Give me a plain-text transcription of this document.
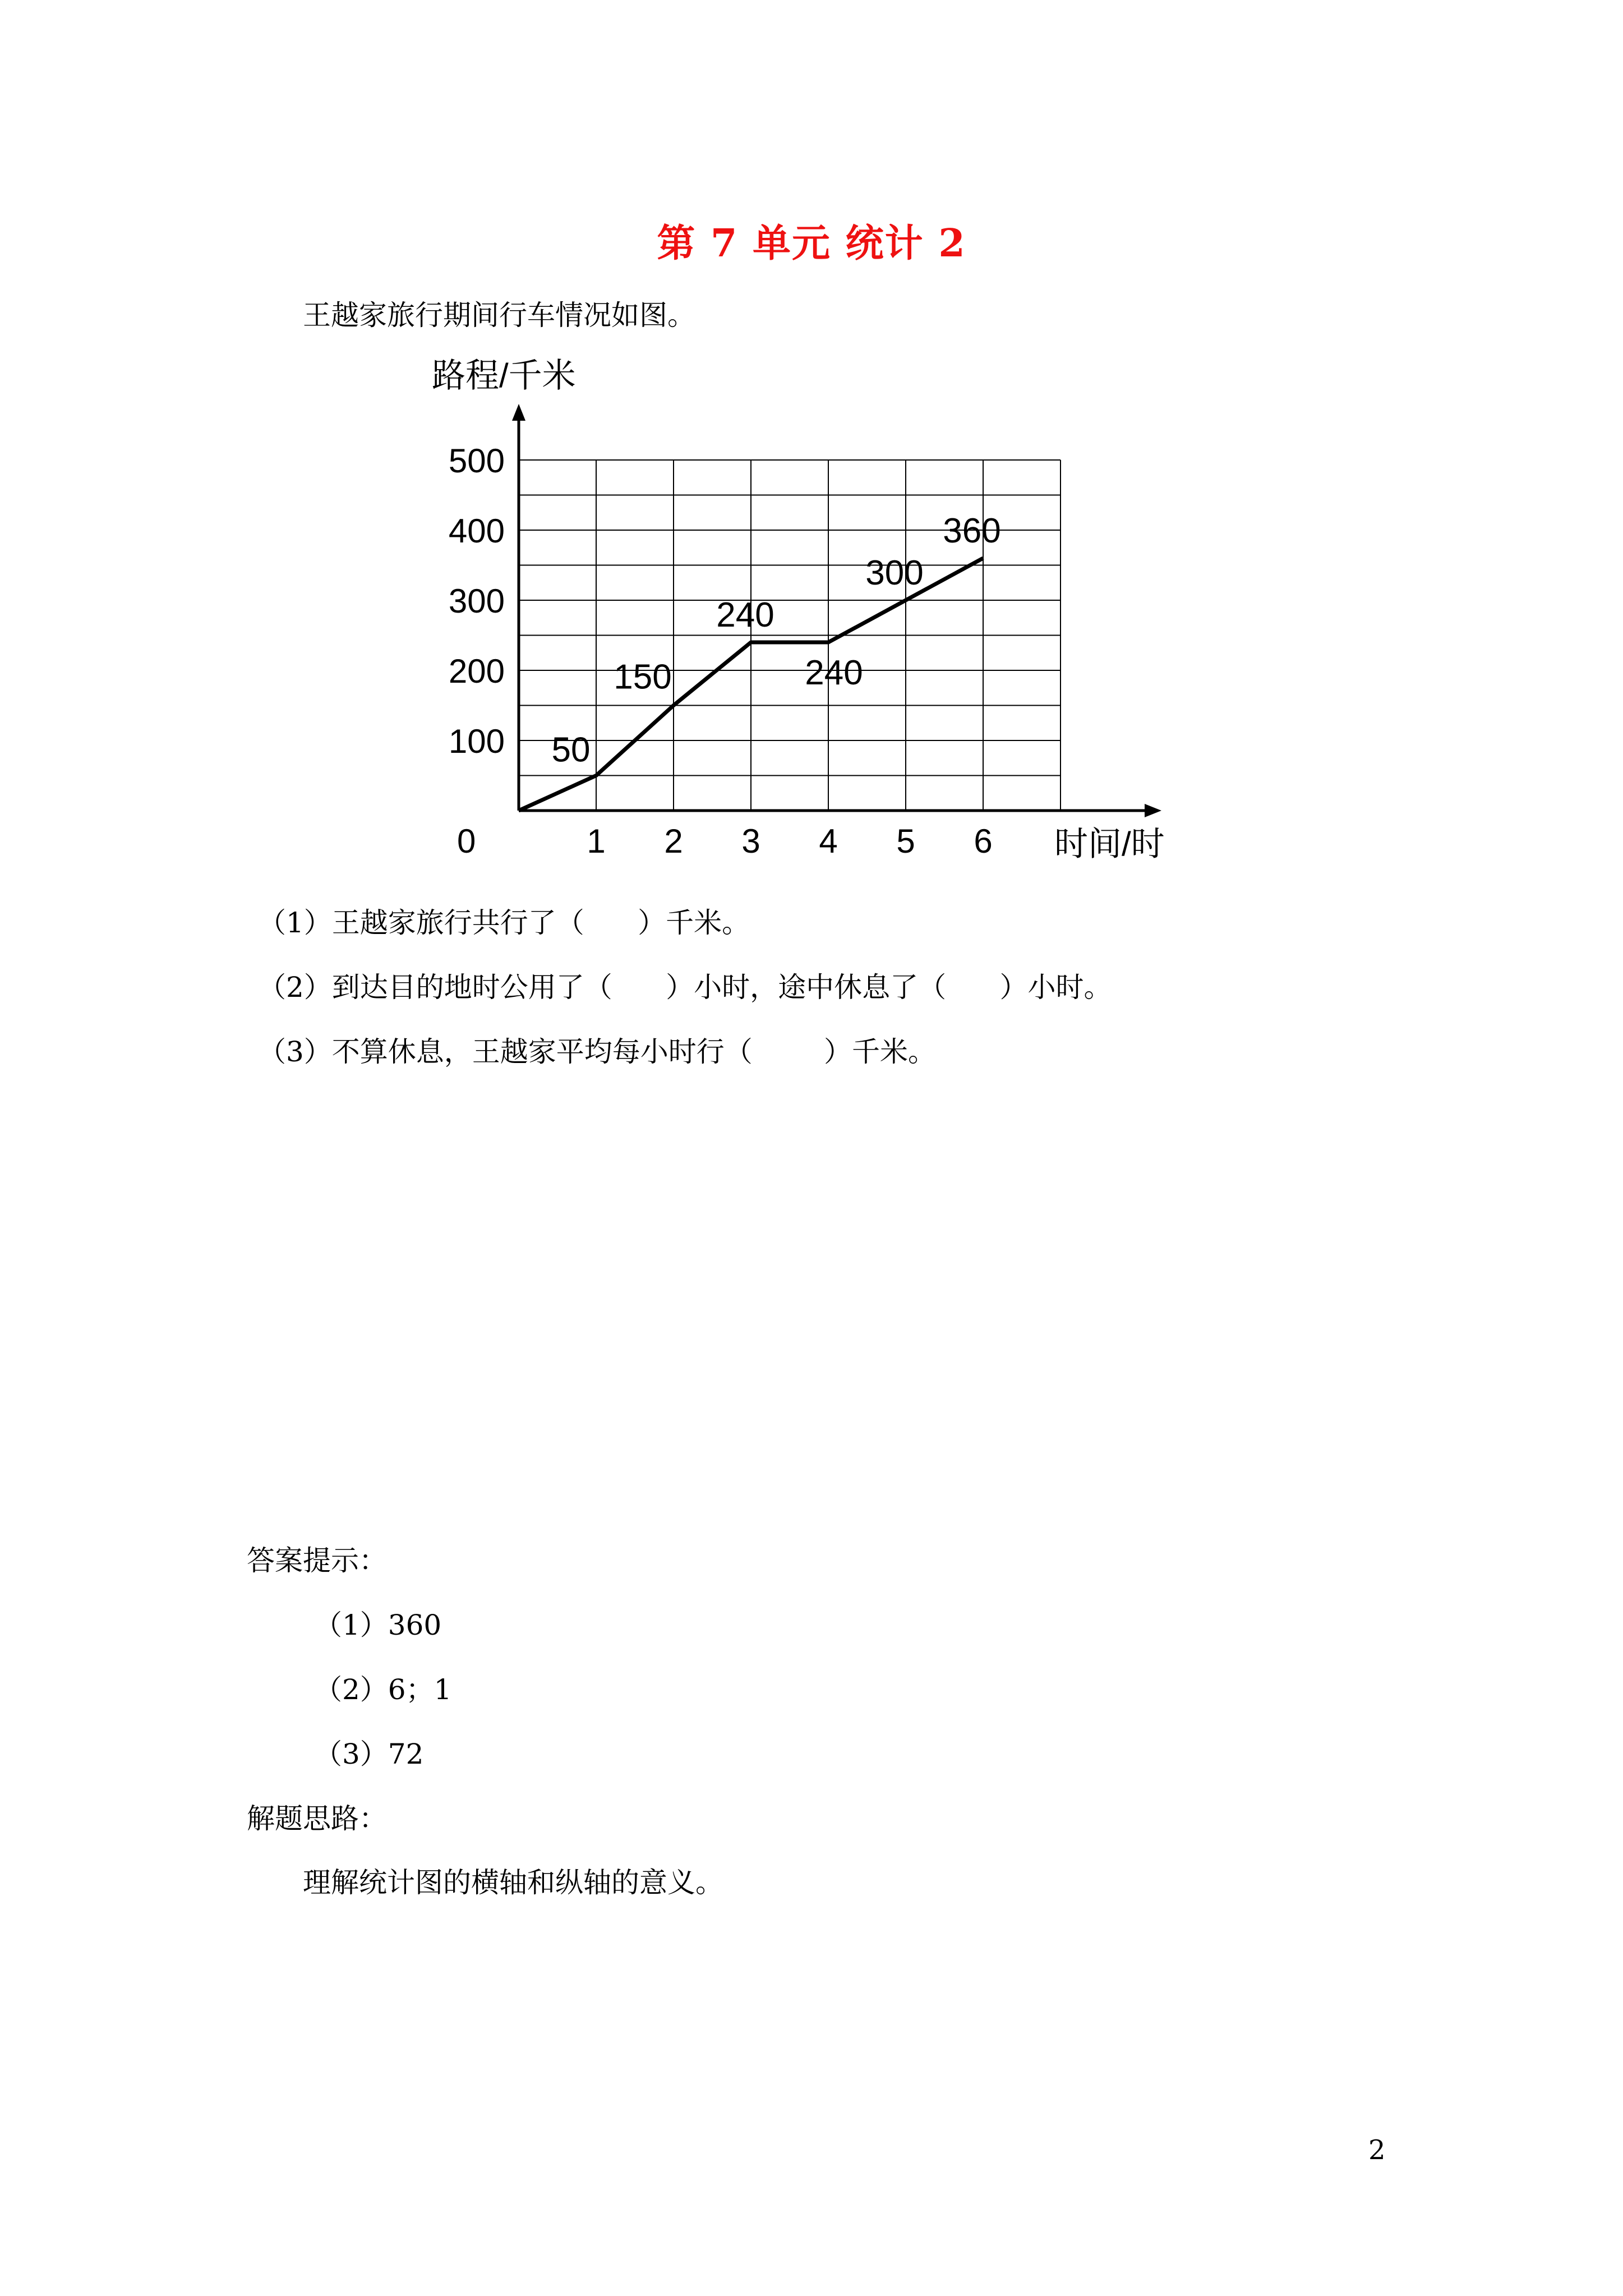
第 7 单元 统计 2
王越家旅行期间行车情况如图。
路程/千米
0	1 2 3 4 5 6
100
200
300
400
500
50
150
240
240
300
360
时间/时
（1）王越家旅行共行了（      ）千米。
（2）到达目的地时公用了（      ）小时，途中休息了（      ）小时。
（3）不算休息，王越家平均每小时行（        ）千米。
答案提示：
（1）360
（2）6；1
（3）72
解题思路：
理解统计图的横轴和纵轴的意义。
2
